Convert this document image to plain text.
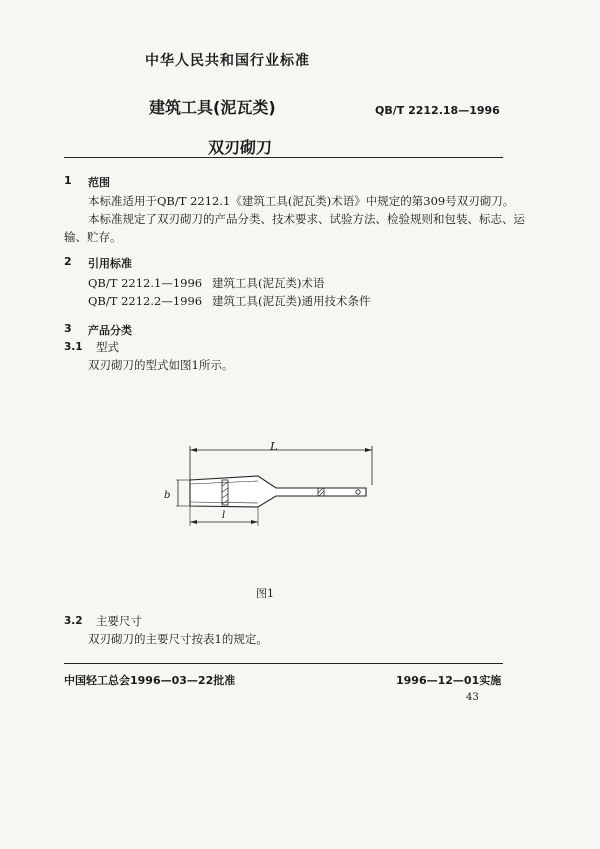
中华人民共和国行业标准
建筑工具(泥瓦类)	QB/T 2212.18—1996
双刃砌刀
1 范围
本标准适用于QB/T 2212.1《建筑工具(泥瓦类)术语》中规定的第309号双刃砌刀。
本标准规定了双刃砌刀的产品分类、技术要求、试验方法、检验规则和包装、标志、运
输、贮存。
2 引用标准
QB/T 2212.1—1996 建筑工具(泥瓦类)术语
QB/T 2212.2—1996 建筑工具(泥瓦类)通用技术条件
3 产品分类
3.1 型式
双刃砌刀的型式如图1所示。
L
b
l
图1
3.2 主要尺寸
双刃砌刀的主要尺寸按表1的规定。
中国轻工总会1996—03—22批准	1996—12—01实施
43
